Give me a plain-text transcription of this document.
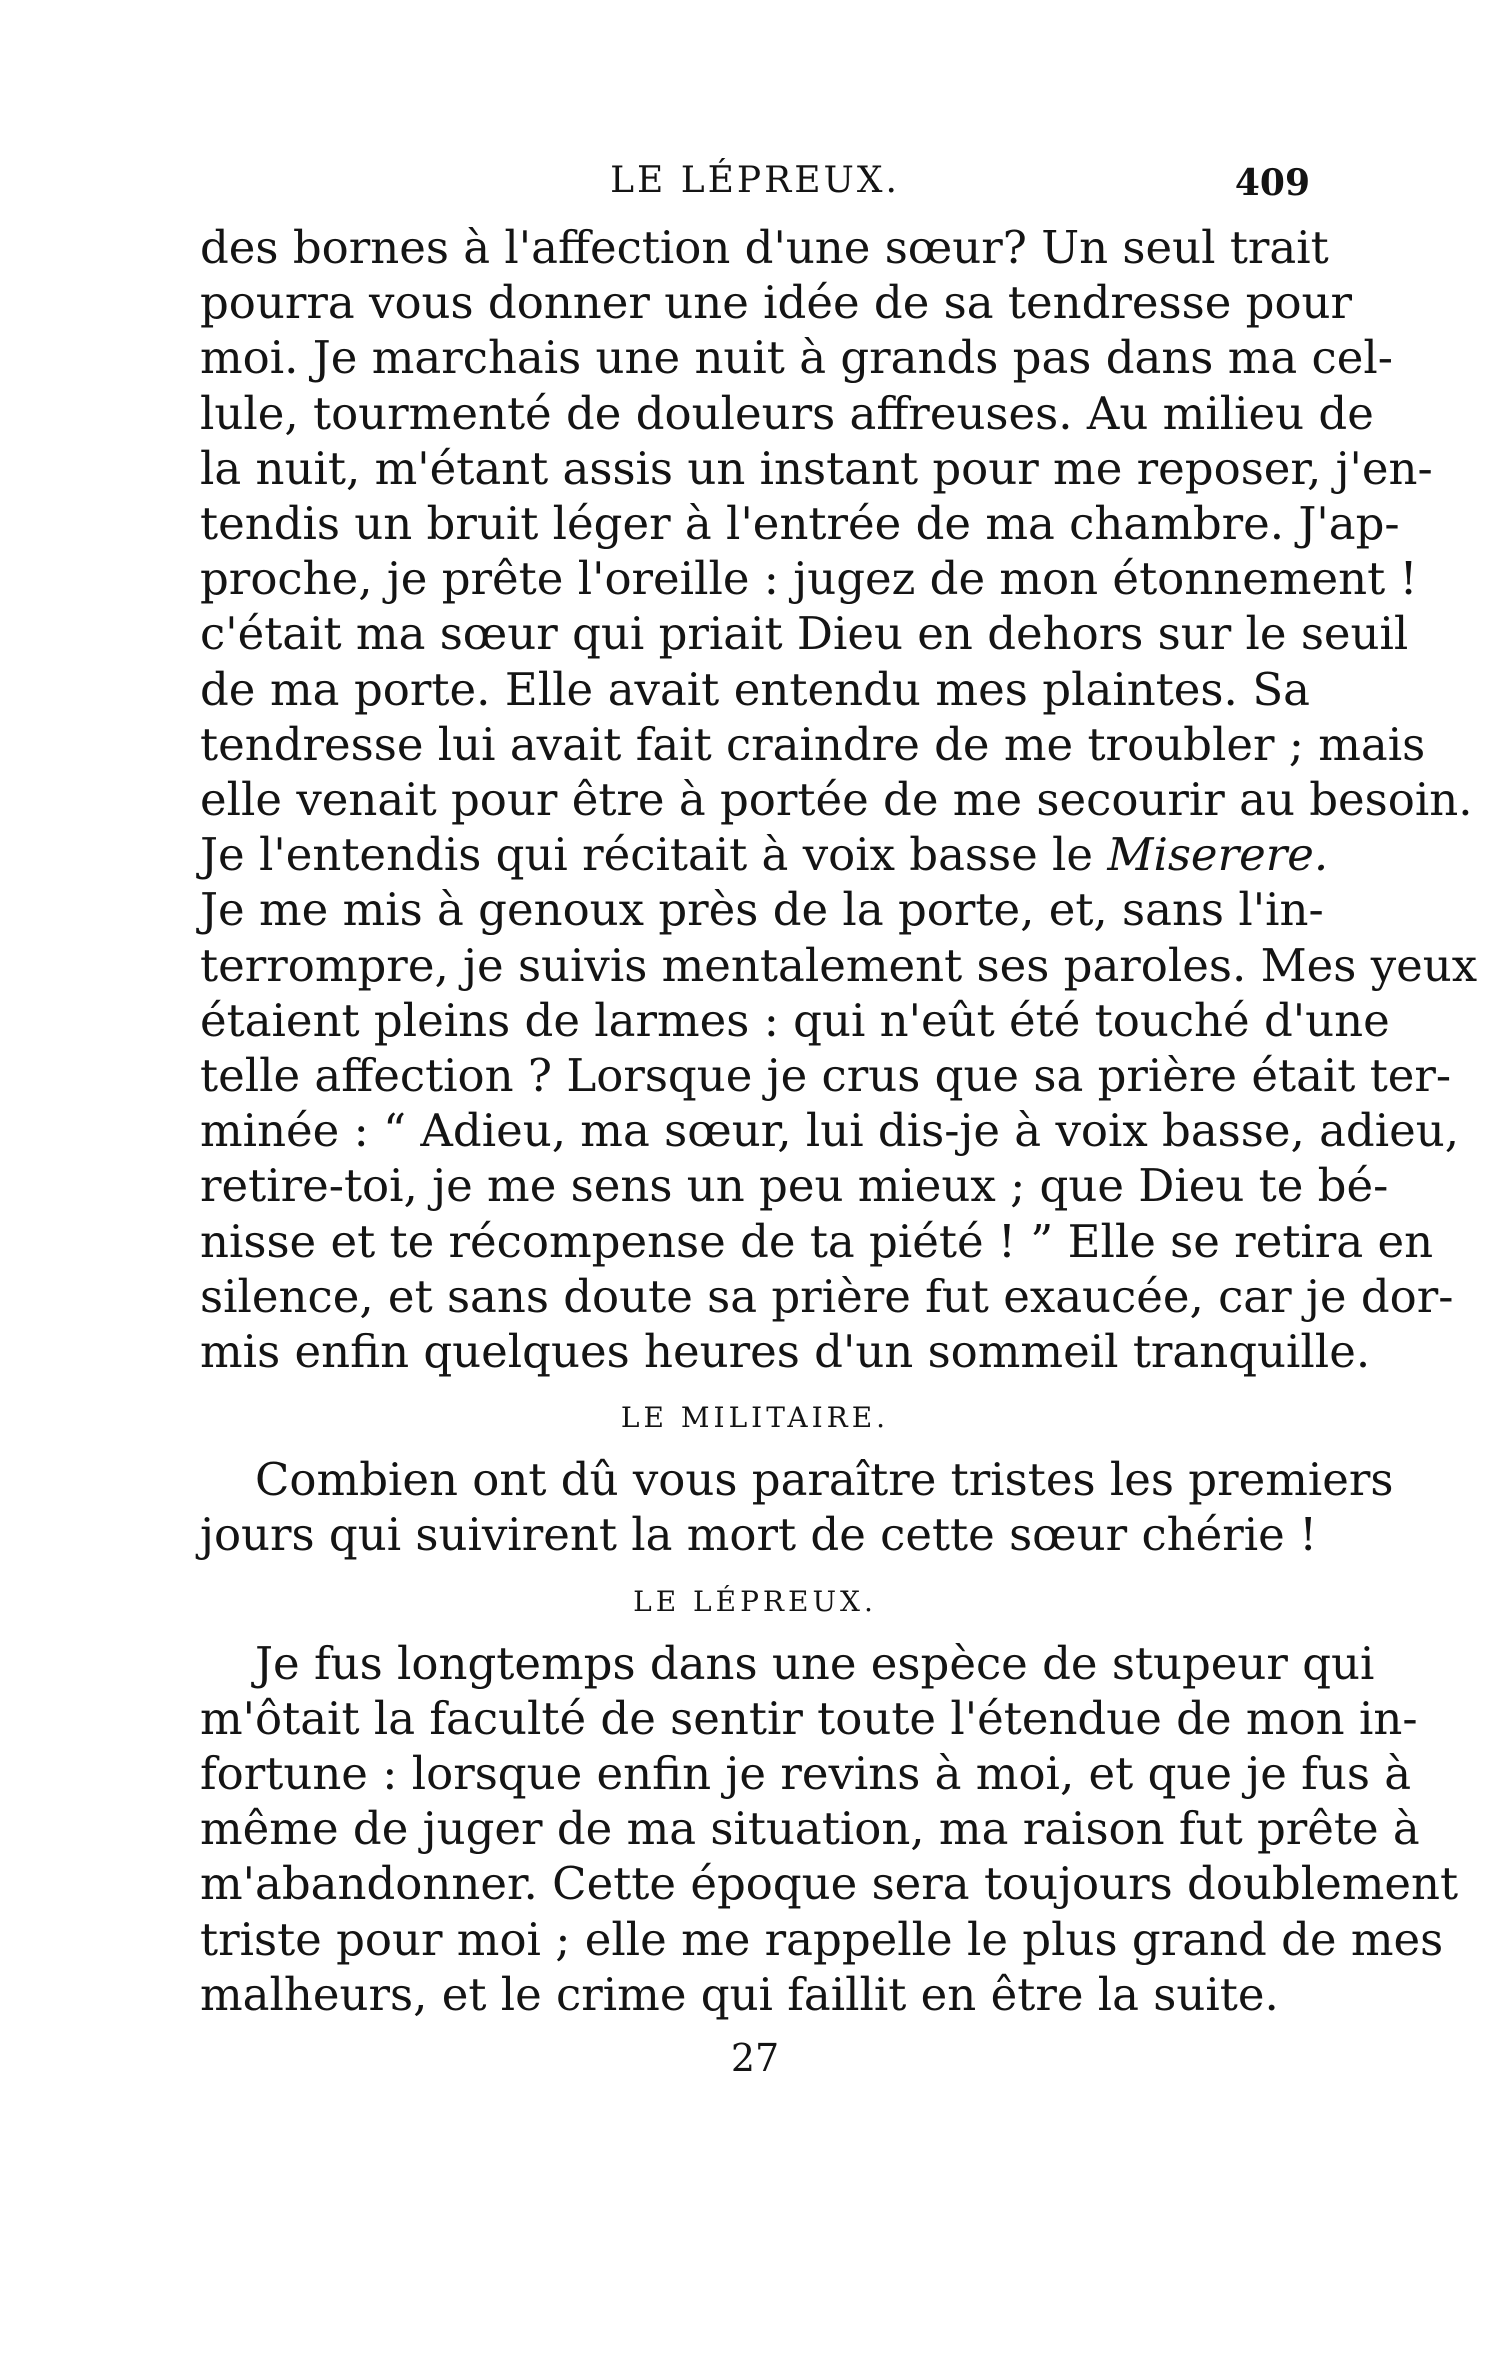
LE LÉPREUX.	409
des bornes à l'affection d'une sœur? Un seul trait
pourra vous donner une idée de sa tendresse pour
moi. Je marchais une nuit à grands pas dans ma cel-
lule, tourmenté de douleurs affreuses. Au milieu de
la nuit, m'étant assis un instant pour me reposer, j'en-
tendis un bruit léger à l'entrée de ma chambre. J'ap-
proche, je prête l'oreille : jugez de mon étonnement !
c'était ma sœur qui priait Dieu en dehors sur le seuil
de ma porte. Elle avait entendu mes plaintes. Sa
tendresse lui avait fait craindre de me troubler ; mais
elle venait pour être à portée de me secourir au besoin.
Je l'entendis qui récitait à voix basse le Miserere.
Je me mis à genoux près de la porte, et, sans l'in-
terrompre, je suivis mentalement ses paroles. Mes yeux
étaient pleins de larmes : qui n'eût été touché d'une
telle affection ? Lorsque je crus que sa prière était ter-
minée : “ Adieu, ma sœur, lui dis-je à voix basse, adieu,
retire-toi, je me sens un peu mieux ; que Dieu te bé-
nisse et te récompense de ta piété ! ” Elle se retira en
silence, et sans doute sa prière fut exaucée, car je dor-
mis enfin quelques heures d'un sommeil tranquille.
LE MILITAIRE.
Combien ont dû vous paraître tristes les premiers
jours qui suivirent la mort de cette sœur chérie !
LE LÉPREUX.
Je fus longtemps dans une espèce de stupeur qui
m'ôtait la faculté de sentir toute l'étendue de mon in-
fortune : lorsque enfin je revins à moi, et que je fus à
même de juger de ma situation, ma raison fut prête à
m'abandonner. Cette époque sera toujours doublement
triste pour moi ; elle me rappelle le plus grand de mes
malheurs, et le crime qui faillit en être la suite.
27
